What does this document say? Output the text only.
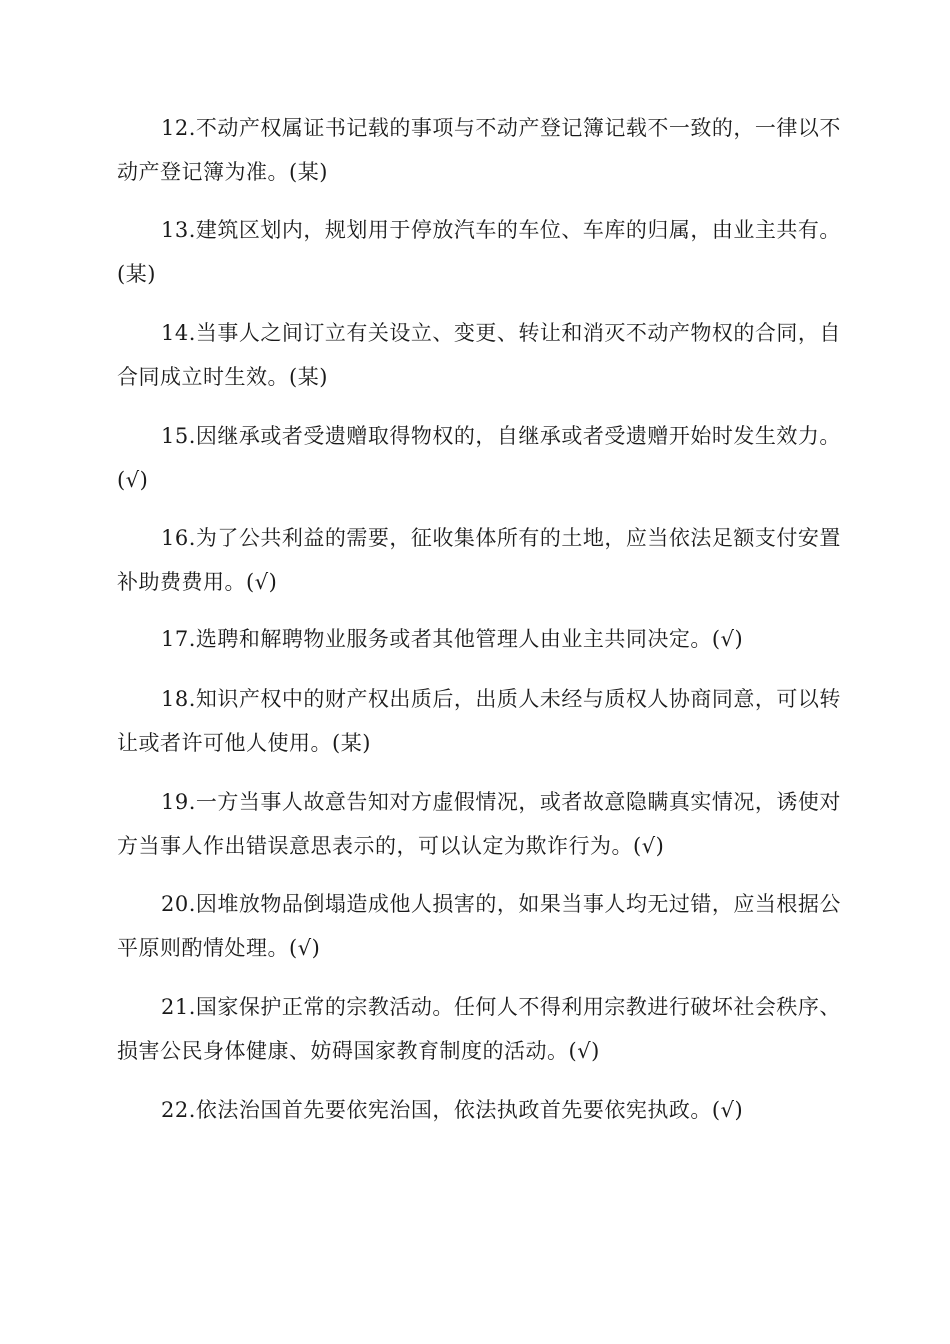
12.不动产权属证书记载的事项与不动产登记簿记载不一致的，一律以不动产登记簿为准。(某)

13.建筑区划内，规划用于停放汽车的车位、车库的归属，由业主共有。(某)

14.当事人之间订立有关设立、变更、转让和消灭不动产物权的合同，自合同成立时生效。(某)

15.因继承或者受遗赠取得物权的，自继承或者受遗赠开始时发生效力。(√)

16.为了公共利益的需要，征收集体所有的土地，应当依法足额支付安置补助费费用。(√)

17.选聘和解聘物业服务或者其他管理人由业主共同决定。(√)

18.知识产权中的财产权出质后，出质人未经与质权人协商同意，可以转让或者许可他人使用。(某)

19.一方当事人故意告知对方虚假情况，或者故意隐瞒真实情况，诱使对方当事人作出错误意思表示的，可以认定为欺诈行为。(√)

20.因堆放物品倒塌造成他人损害的，如果当事人均无过错，应当根据公平原则酌情处理。(√)

21.国家保护正常的宗教活动。任何人不得利用宗教进行破坏社会秩序、损害公民身体健康、妨碍国家教育制度的活动。(√)

22.依法治国首先要依宪治国，依法执政首先要依宪执政。(√)
